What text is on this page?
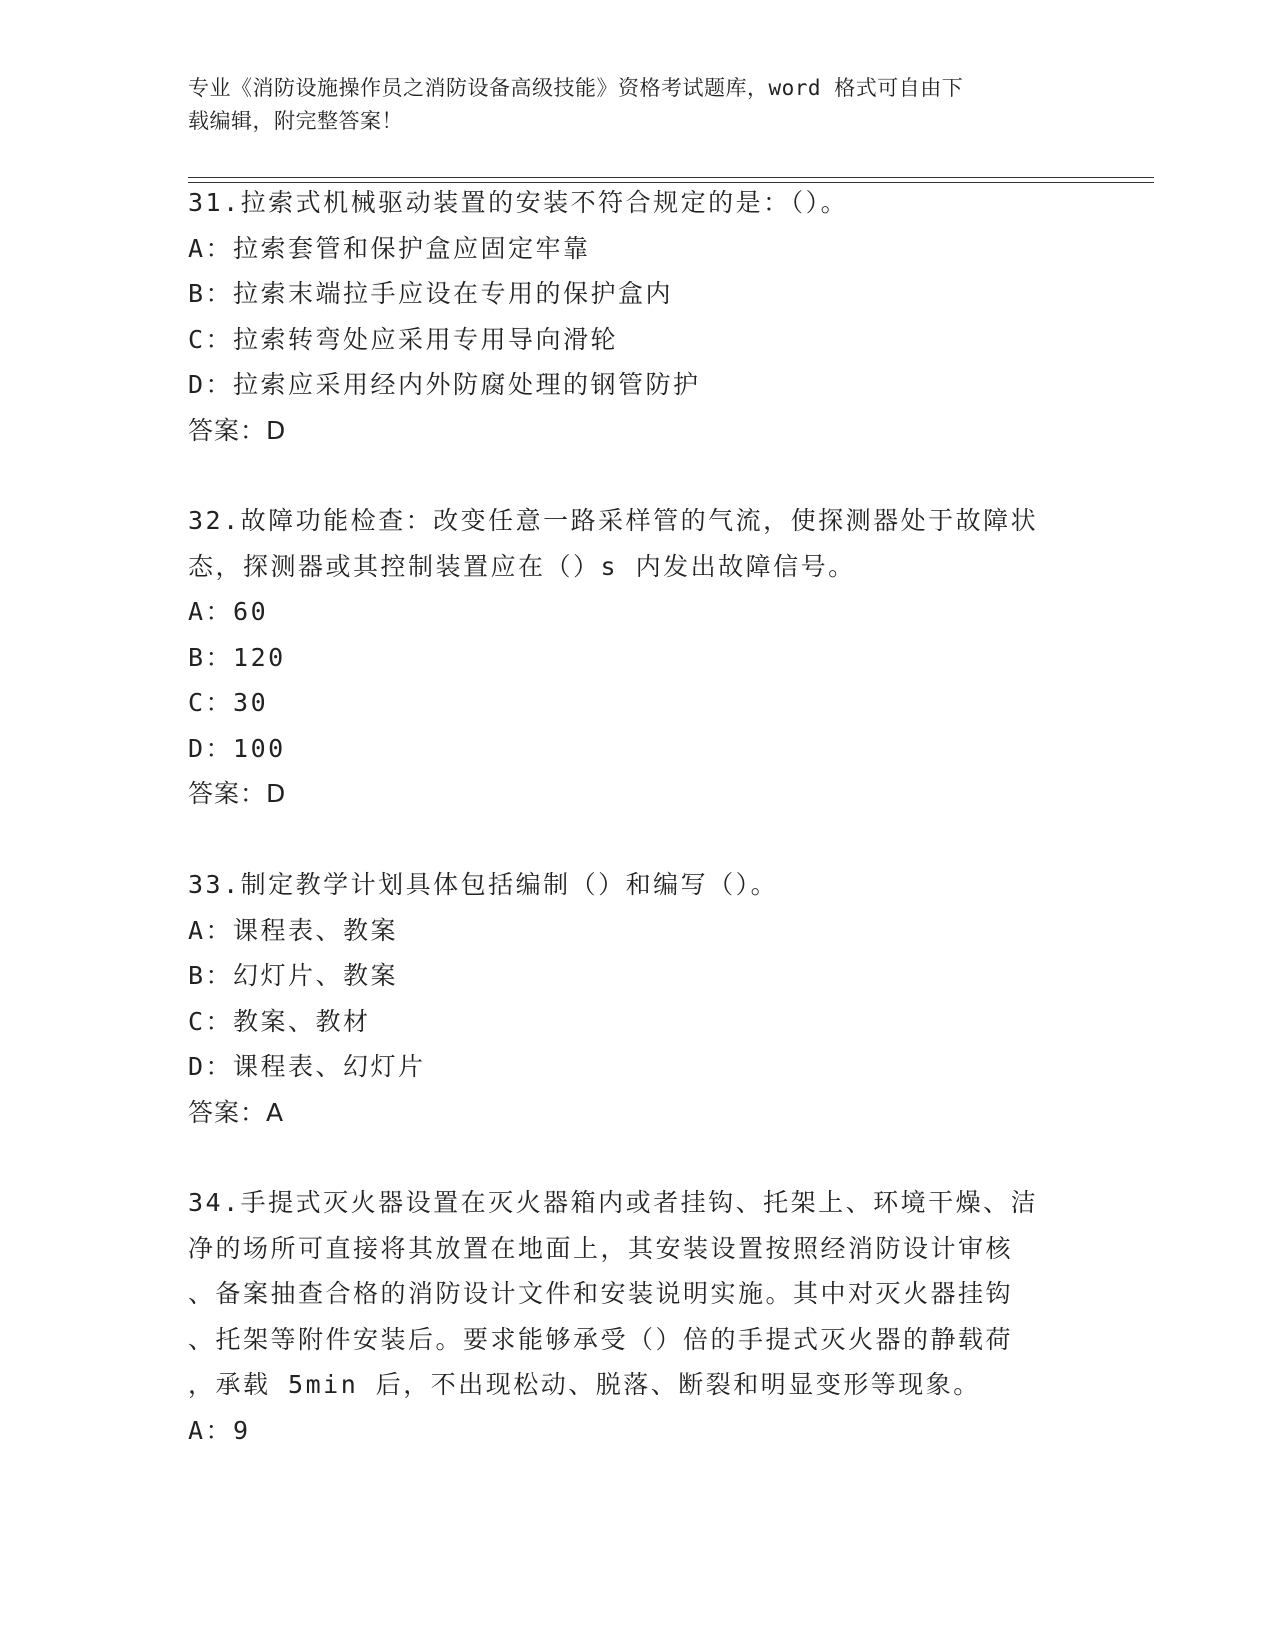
专业《消防设施操作员之消防设备高级技能》资格考试题库，word 格式可自由下
载编辑，附完整答案！
31.拉索式机械驱动装置的安装不符合规定的是：（）。
A：拉索套管和保护盒应固定牢靠
B：拉索末端拉手应设在专用的保护盒内
C：拉索转弯处应采用专用导向滑轮
D：拉索应采用经内外防腐处理的钢管防护
答案：D
32.故障功能检查：改变任意一路采样管的气流，使探测器处于故障状
态，探测器或其控制装置应在（）s 内发出故障信号。
A：60
B：120
C：30
D：100
答案：D
33.制定教学计划具体包括编制（）和编写（）。
A：课程表、教案
B：幻灯片、教案
C：教案、教材
D：课程表、幻灯片
答案：A
34.手提式灭火器设置在灭火器箱内或者挂钩、托架上、环境干燥、洁
净的场所可直接将其放置在地面上，其安装设置按照经消防设计审核
、备案抽查合格的消防设计文件和安装说明实施。其中对灭火器挂钩
、托架等附件安装后。要求能够承受（）倍的手提式灭火器的静载荷
，承载 5min 后，不出现松动、脱落、断裂和明显变形等现象。
A：9
